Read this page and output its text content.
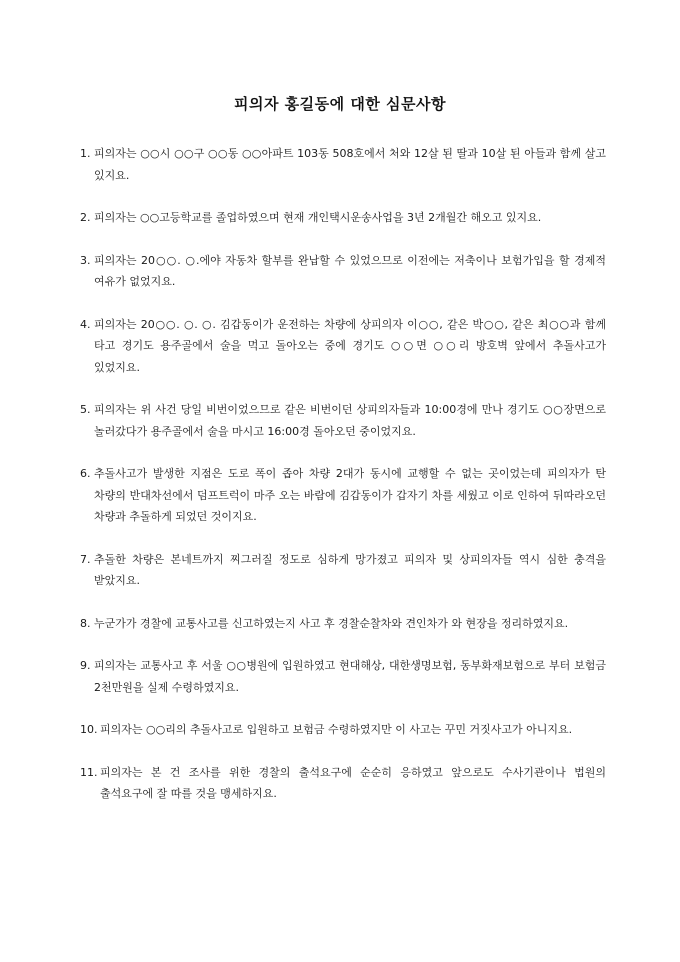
피의자 홍길동에 대한 심문사항
1. 피의자는 ○○시 ○○구 ○○동 ○○아파트 103동 508호에서 처와 12살 된 딸과 10살 된 아들과 함께 살고 있지요.
2. 피의자는 ○○고등학교를 졸업하였으며 현재 개인택시운송사업을 3년 2개월간 해오고 있지요.
3. 피의자는 20○○. ○.에야 자동차 할부를 완납할 수 있었으므로 이전에는 저축이나 보험가입을 할 경제적 여유가 없었지요.
4. 피의자는 20○○. ○. ○. 김갑동이가 운전하는 차량에 상피의자 이○○, 같은 박○○, 같은 최○○과 함께 타고 경기도 용주골에서 술을 먹고 돌아오는 중에 경기도 ○○면 ○○리 방호벽 앞에서 추돌사고가 있었지요.
5. 피의자는 위 사건 당일 비번이었으므로 같은 비번이던 상피의자들과 10:00경에 만나 경기도 ○○장면으로 놀러갔다가 용주골에서 술을 마시고 16:00경 돌아오던 중이었지요.
6. 추돌사고가 발생한 지점은 도로 폭이 좁아 차량 2대가 동시에 교행할 수 없는 곳이었는데 피의자가 탄 차량의 반대차선에서 덤프트럭이 마주 오는 바람에 김갑동이가 갑자기 차를 세웠고 이로 인하여 뒤따라오던 차량과 추돌하게 되었던 것이지요.
7. 추돌한 차량은 본네트까지 찌그러질 정도로 심하게 망가졌고 피의자 및 상피의자들 역시 심한 충격을 받았지요.
8. 누군가가 경찰에 교통사고를 신고하였는지 사고 후 경찰순찰차와 견인차가 와 현장을 정리하였지요.
9. 피의자는 교통사고 후 서울 ○○병원에 입원하였고 현대해상, 대한생명보험, 동부화재보험으로 부터 보험금 2천만원을 실제 수령하였지요.
10. 피의자는 ○○리의 추돌사고로 입원하고 보험금 수령하였지만 이 사고는 꾸민 거짓사고가 아니지요.
11. 피의자는 본 건 조사를 위한 경찰의 출석요구에 순순히 응하였고 앞으로도 수사기관이나 법원의 출석요구에 잘 따를 것을 맹세하지요.
